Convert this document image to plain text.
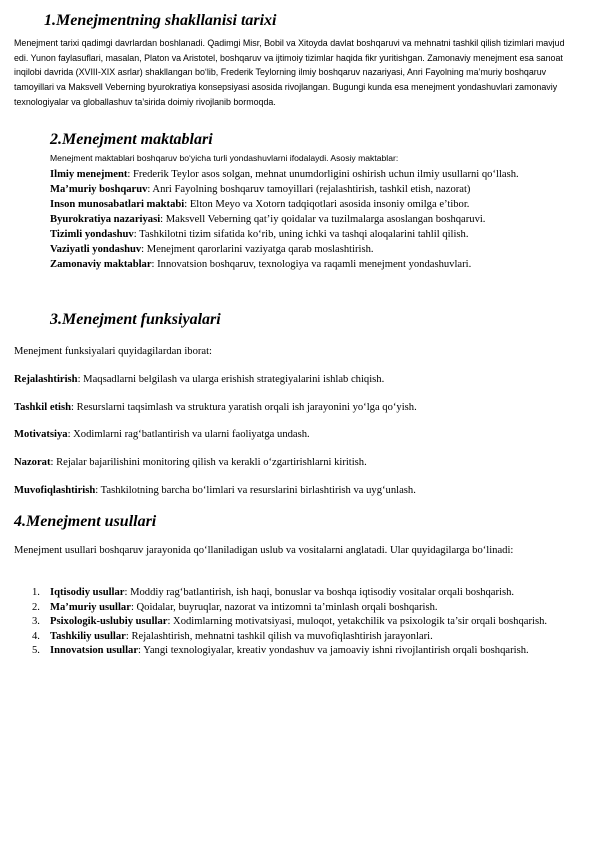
1.Menejmentning shakllanisi tarixi

Menejment tarixi qadimgi davrlardan boshlanadi. Qadimgi Misr, Bobil va Xitoyda davlat boshqaruvi va mehnatni tashkil qilish tizimlari mavjud edi. Yunon faylasuflari, masalan, Platon va Aristotel, boshqaruv va ijtimoiy tizimlar haqida fikr yuritishgan. Zamonaviy menejment esa sanoat inqilobi davrida (XVIII-XIX asrlar) shakllangan bo‘lib, Frederik Teylorning ilmiy boshqaruv nazariyasi, Anri Fayolning ma’muriy boshqaruv tamoyillari va Maksvell Veberning byurokratiya konsepsiyasi asosida rivojlangan. Bugungi kunda esa menejment yondashuvlari zamonaviy texnologiyalar va globallashuv ta’sirida doimiy rivojlanib bormoqda.

2.Menejment maktablari

Menejment maktablari boshqaruv bo‘yicha turli yondashuvlarni ifodalaydi. Asosiy maktablar:

Ilmiy menejment: Frederik Teylor asos solgan, mehnat unumdorligini oshirish uchun ilmiy usullarni qo‘llash.

Ma’muriy boshqaruv: Anri Fayolning boshqaruv tamoyillari (rejalashtirish, tashkil etish, nazorat)

Inson munosabatlari maktabi: Elton Meyo va Xotorn tadqiqotlari asosida insoniy omilga e’tibor.

Byurokratiya nazariyasi: Maksvell Veberning qat’iy qoidalar va tuzilmalarga asoslangan boshqaruvi.

Tizimli yondashuv: Tashkilotni tizim sifatida ko‘rib, uning ichki va tashqi aloqalarini tahlil qilish.

Vaziyatli yondashuv: Menejment qarorlarini vaziyatga qarab moslashtirish.

Zamonaviy maktablar: Innovatsion boshqaruv, texnologiya va raqamli menejment yondashuvlari.

3.Menejment funksiyalari

Menejment funksiyalari quyidagilardan iborat:

Rejalashtirish: Maqsadlarni belgilash va ularga erishish strategiyalarini ishlab chiqish.

Tashkil etish: Resurslarni taqsimlash va struktura yaratish orqali ish jarayonini yo‘lga qo‘yish.

Motivatsiya: Xodimlarni rag‘batlantirish va ularni faoliyatga undash.

Nazorat: Rejalar bajarilishini monitoring qilish va kerakli o‘zgartirishlarni kiritish.

Muvofiqlashtirish: Tashkilotning barcha bo‘limlari va resurslarini birlashtirish va uyg‘unlash.

4.Menejment usullari

Menejment usullari boshqaruv jarayonida qo‘llaniladigan uslub va vositalarni anglatadi. Ular quyidagilarga bo‘linadi:

1. Iqtisodiy usullar: Moddiy rag‘batlantirish, ish haqi, bonuslar va boshqa iqtisodiy vositalar orqali boshqarish.
2. Ma’muriy usullar: Qoidalar, buyruqlar, nazorat va intizomni ta’minlash orqali boshqarish.
3. Psixologik-uslubiy usullar: Xodimlarning motivatsiyasi, muloqot, yetakchilik va psixologik ta’sir orqali boshqarish.
4. Tashkiliy usullar: Rejalashtirish, mehnatni tashkil qilish va muvofiqlashtirish jarayonlari.
5. Innovatsion usullar: Yangi texnologiyalar, kreativ yondashuv va jamoaviy ishni rivojlantirish orqali boshqarish.
